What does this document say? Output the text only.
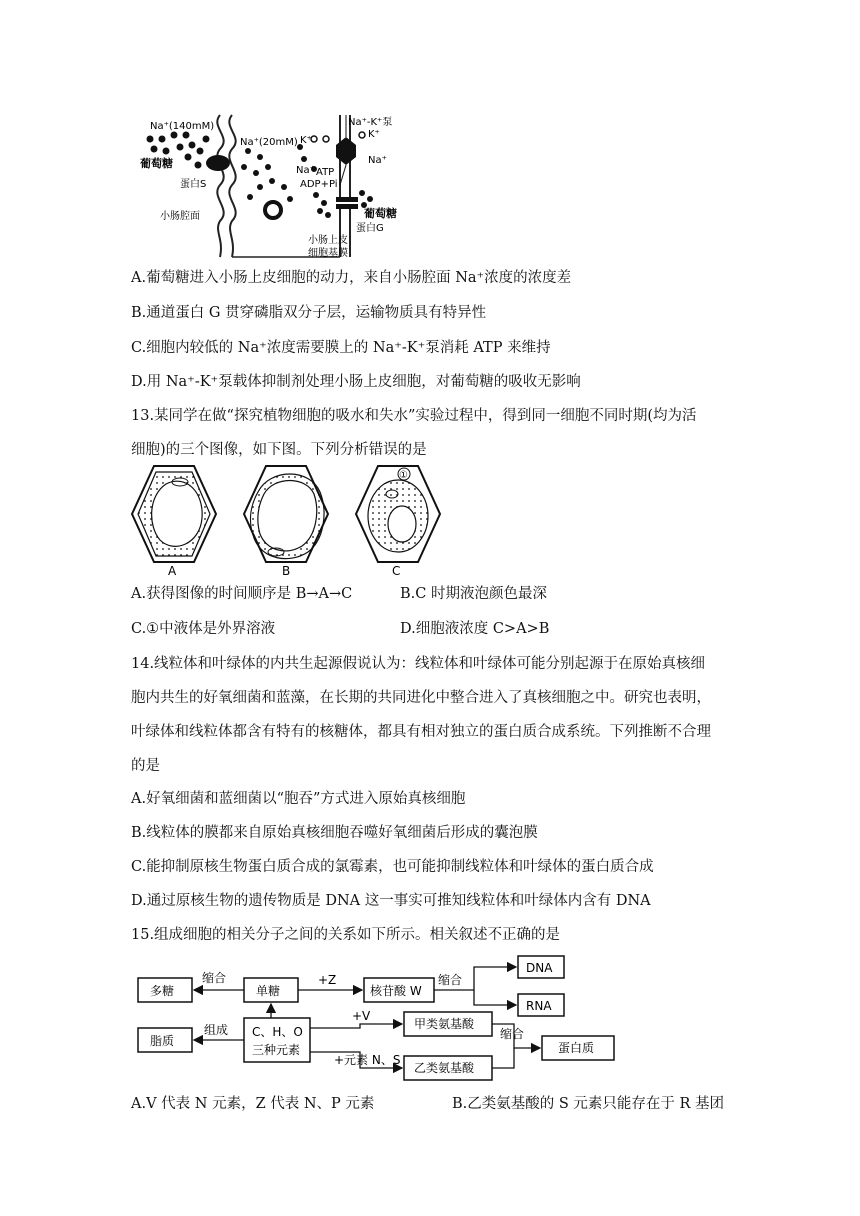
Na⁺(140mM)
Na⁺(20mM)
Na⁺-K⁺泵
K⁺
K⁺
Na⁺
Na⁺ ATP
ADP+Pi
葡萄糖
葡萄糖
蛋白S
蛋白G
小肠腔面
小肠上皮
细胞基膜
A.葡萄糖进入小肠上皮细胞的动力，来自小肠腔面 Na⁺浓度的浓度差
B.通道蛋白 G 贯穿磷脂双分子层，运输物质具有特异性
C.细胞内较低的 Na⁺浓度需要膜上的 Na⁺-K⁺泵消耗 ATP 来维持
D.用 Na⁺-K⁺泵载体抑制剂处理小肠上皮细胞，对葡萄糖的吸收无影响
13.某同学在做“探究植物细胞的吸水和失水”实验过程中，得到同一细胞不同时期(均为活
细胞)的三个图像，如下图。下列分析错误的是
①
A	B	C
A.获得图像的时间顺序是 B→A→C	B.C 时期液泡颜色最深
C.①中液体是外界溶液	D.细胞液浓度 C>A>B
14.线粒体和叶绿体的内共生起源假说认为：线粒体和叶绿体可能分别起源于在原始真核细
胞内共生的好氧细菌和蓝藻，在长期的共同进化中整合进入了真核细胞之中。研究也表明，
叶绿体和线粒体都含有特有的核糖体，都具有相对独立的蛋白质合成系统。下列推断不合理
的是
A.好氧细菌和蓝细菌以“胞吞”方式进入原始真核细胞
B.线粒体的膜都来自原始真核细胞吞噬好氧细菌后形成的囊泡膜
C.能抑制原核生物蛋白质合成的氯霉素，也可能抑制线粒体和叶绿体的蛋白质合成
D.通过原核生物的遗传物质是 DNA 这一事实可推知线粒体和叶绿体内含有 DNA
15.组成细胞的相关分子之间的关系如下所示。相关叙述不正确的是
多糖
缩合
单糖
+Z
核苷酸 W
缩合
DNA
RNA
脂质
组成 C、H、O
三种元素
+V
甲类氨基酸
缩合
蛋白质
+元素 N、S
乙类氨基酸
A.V 代表 N 元素，Z 代表 N、P 元素	B.乙类氨基酸的 S 元素只能存在于 R 基团
